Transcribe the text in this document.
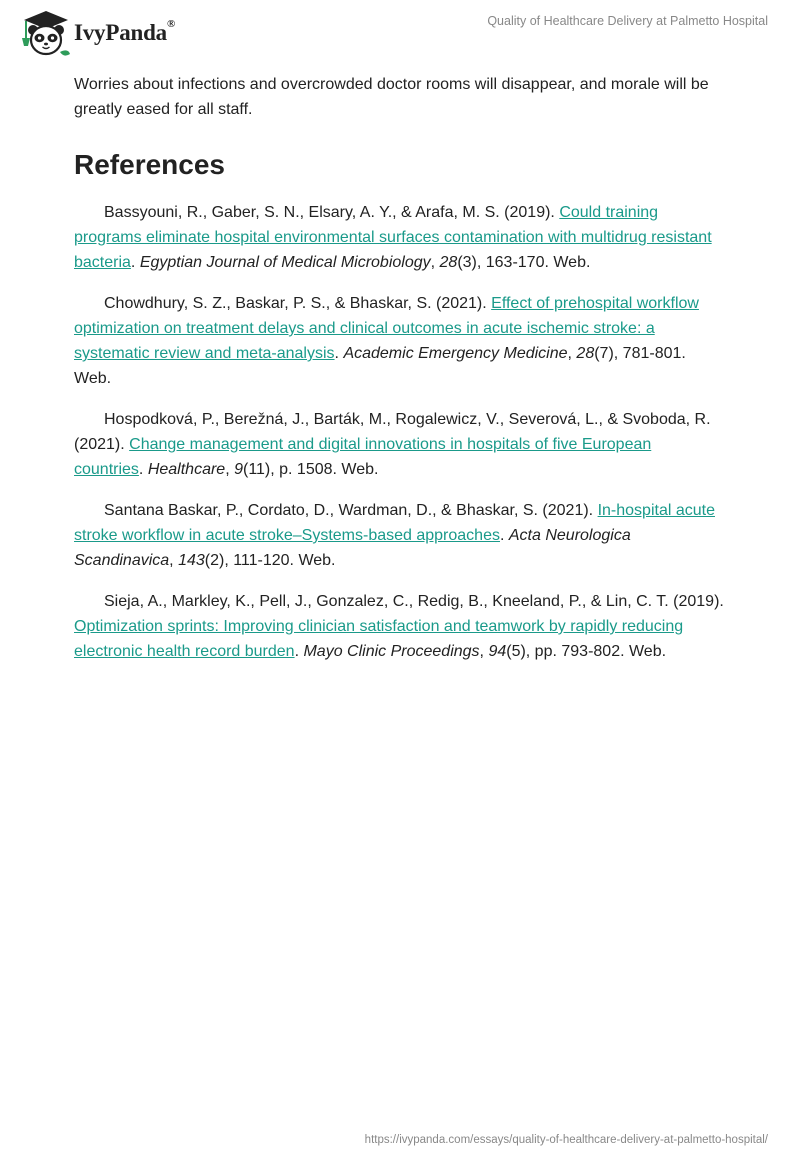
IvyPanda®	Quality of Healthcare Delivery at Palmetto Hospital

Worries about infections and overcrowded doctor rooms will disappear, and morale will be greatly eased for all staff.

References

Bassyouni, R., Gaber, S. N., Elsary, A. Y., & Arafa, M. S. (2019). Could training programs eliminate hospital environmental surfaces contamination with multidrug resistant bacteria. Egyptian Journal of Medical Microbiology, 28(3), 163-170. Web.

Chowdhury, S. Z., Baskar, P. S., & Bhaskar, S. (2021). Effect of prehospital workflow optimization on treatment delays and clinical outcomes in acute ischemic stroke: a systematic review and meta-analysis. Academic Emergency Medicine, 28(7), 781-801. Web.

Hospodková, P., Berežná, J., Barták, M., Rogalewicz, V., Severová, L., & Svoboda, R. (2021). Change management and digital innovations in hospitals of five European countries. Healthcare, 9(11), p. 1508. Web.

Santana Baskar, P., Cordato, D., Wardman, D., & Bhaskar, S. (2021). In-hospital acute stroke workflow in acute stroke–Systems-based approaches. Acta Neurologica Scandinavica, 143(2), 111-120. Web.

Sieja, A., Markley, K., Pell, J., Gonzalez, C., Redig, B., Kneeland, P., & Lin, C. T. (2019). Optimization sprints: Improving clinician satisfaction and teamwork by rapidly reducing electronic health record burden. Mayo Clinic Proceedings, 94(5), pp. 793-802. Web.

https://ivypanda.com/essays/quality-of-healthcare-delivery-at-palmetto-hospital/
